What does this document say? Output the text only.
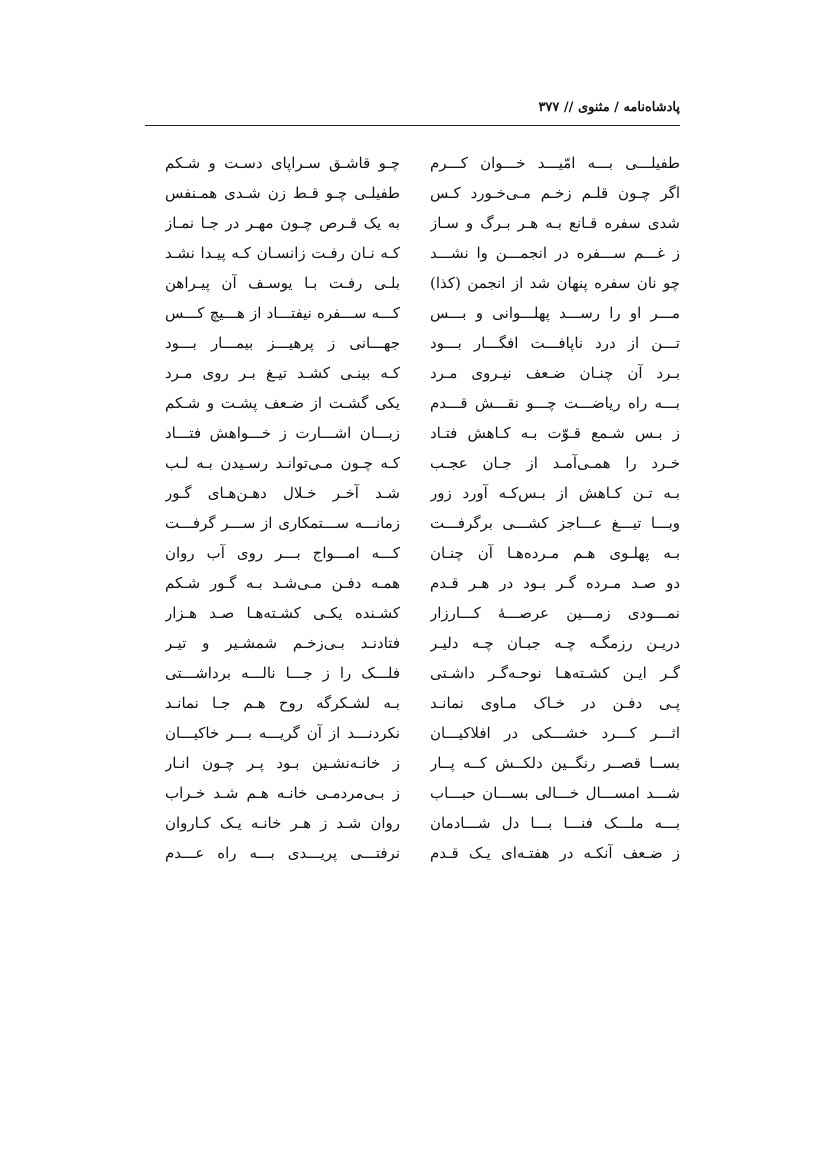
پادشاه‌نامه / مثنوی // ۳۷۷
طفیلـــی بـــه امّیـــد خـــوان کـــرم
اگر چـون قلـم زخـم مـی‌خـورد کـس
شدی سفره قـانع بـه هـر بـرگ و سـاز
ز غـــم ســـفره در انجمـــن وا نشـــد
چو نان سفره پنهان شد از انجمن (کذا)
مـــر او را رســـد پهلـــوانی و بـــس
تـــن از درد ناپافـــت افگـــار بـــود
بـرد آن چنـان ضـعف نیـروی مـرد
بـــه راه ریاضـــت چـــو نقـــش قـــدم
ز بـس شـمع قـوّت بـه کـاهش فتـاد
خـرد را همـی‌آمـد از جـان عجـب
بـه تـن کـاهش از بـس‌کـه آورد زور
وبـــا تیـــغ عـــاجز کشـــی برگرفـــت
بـه پهلـوی هـم مـرده‌هـا آن چنـان
دو صـد مـرده گـر بـود در هـر قـدم
نمـــودی زمـــین عرصـــهٔ کـــارزار
دریـن رزمگـه چـه جبـان چـه دلیـر
گـر ایـن کشـته‌هـا نوحـه‌گـر داشـتی
پـی دفـن در خـاک مـاوی نمانـد
اثـــر کـــرد خشـــکی در افلاکیـــان
بســا قصــر رنگــین دلکــش کــه پــار
شـــد امســـال خـــالی بســـان حبـــاب
بـــه ملـــک فنـــا بـــا دل شـــادمان
ز ضـعف آنکـه در هفتـه‌ای یـک قـدم
چـو قاشـق سـراپای دسـت و شـکم
طفیلـی چـو قـط زن شـدی همـنفس
به یک قـرص چـون مهـر در جـا نمـاز
کـه نـان رفـت زانسـان کـه پیـدا نشـد
بلـی رفـت بـا یوسـف آن پیـراهن
کـــه ســـفره نیفتـــاد از هـــیچ کـــس
جهـــانی ز پرهیـــز بیمـــار بـــود
کـه بینـی کشـد تیـغ بـر روی مـرد
یکی گشـت از ضـعف پشـت و شـکم
زبـــان اشـــارت ز خـــواهش فتـــاد
کـه چـون مـی‌توانـد رسـیدن بـه لـب
شـد آخـر خـلال دهـن‌هـای گـور
زمانـــه ســـتمکاری از ســـر گرفـــت
کـــه امـــواج بـــر روی آب روان
همـه دفـن مـی‌شـد بـه گـور شـکم
کشـنده یکـی کشـته‌هـا صـد هـزار
فتادنـد بـی‌زخـم شمشـیر و تیـر
فلـــک را ز جـــا نالـــه برداشـــتی
بـه لشـکرگه روح هـم جـا نمانـد
نکردنـــد از آن گریـــه بـــر خاکیـــان
ز خانـه‌نشـین بـود پـر چـون انـار
ز بـی‌مردمـی خانـه هـم شـد خـراب
روان شـد ز هـر خانـه یـک کـاروان
نرفتـــی پریـــدی بـــه راه عـــدم
